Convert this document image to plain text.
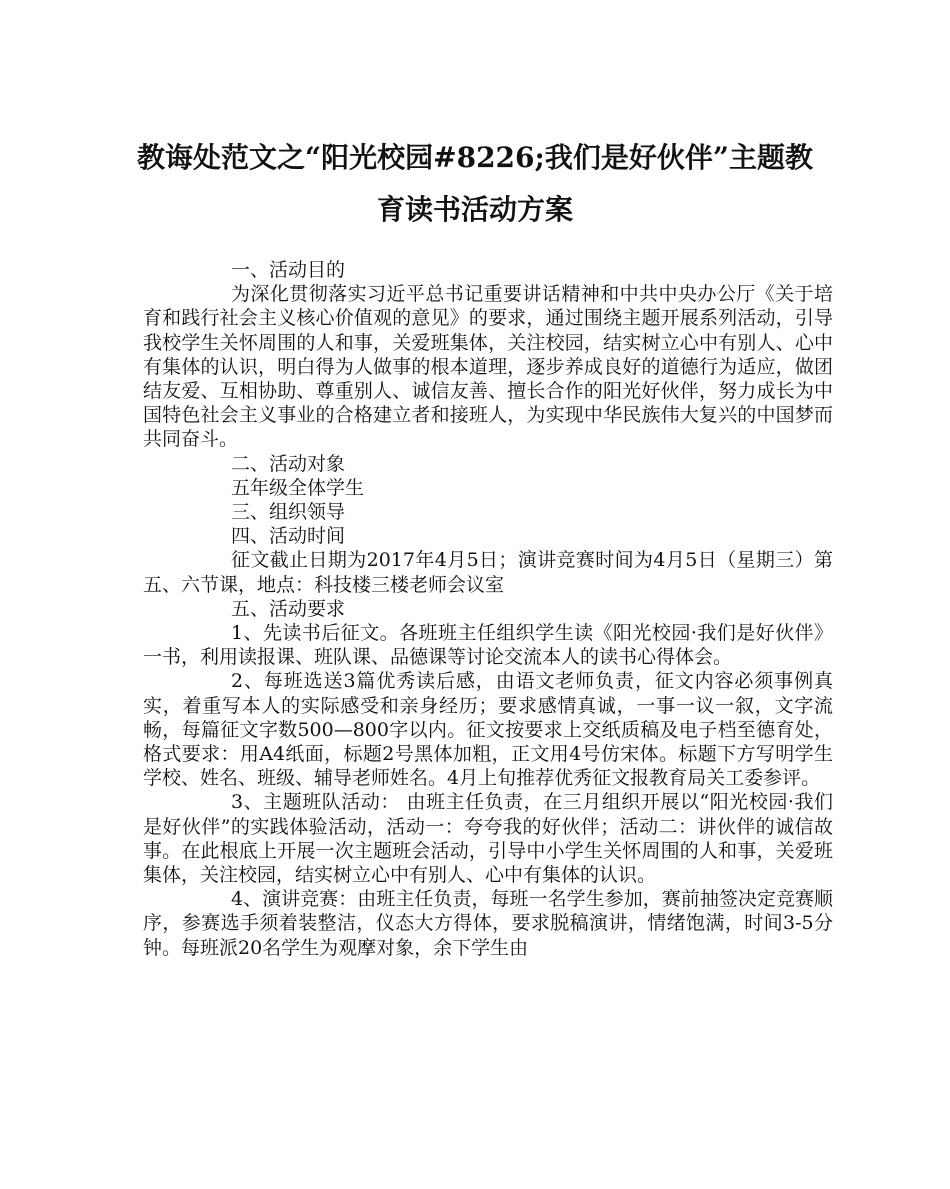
教诲处范文之“阳光校园#8226;我们是好伙伴”主题教
育读书活动方案

一、活动目的

为深化贯彻落实习近平总书记重要讲话精神和中共中央办公厅《关于培育和践行社会主义核心价值观的意见》的要求，通过围绕主题开展系列活动，引导我校学生关怀周围的人和事，关爱班集体，关注校园，结实树立心中有别人、心中有集体的认识，明白得为人做事的根本道理，逐步养成良好的道德行为适应，做团结友爱、互相协助、尊重别人、诚信友善、擅长合作的阳光好伙伴，努力成长为中国特色社会主义事业的合格建立者和接班人，为实现中华民族伟大复兴的中国梦而共同奋斗。

二、活动对象

五年级全体学生

三、组织领导

四、活动时间

征文截止日期为2017年4月5日；演讲竞赛时间为4月5日（星期三）第五、六节课，地点：科技楼三楼老师会议室

五、活动要求

1、先读书后征文。各班班主任组织学生读《阳光校园·我们是好伙伴》一书，利用读报课、班队课、品德课等讨论交流本人的读书心得体会。

2、每班选送3篇优秀读后感，由语文老师负责，征文内容必须事例真实，着重写本人的实际感受和亲身经历；要求感情真诚，一事一议一叙，文字流畅，每篇征文字数500—800字以内。征文按要求上交纸质稿及电子档至德育处，格式要求：用A4纸面，标题2号黑体加粗，正文用4号仿宋体。标题下方写明学生学校、姓名、班级、辅导老师姓名。4月上旬推荐优秀征文报教育局关工委参评。

3、主题班队活动： 由班主任负责，在三月组织开展以“阳光校园·我们是好伙伴”的实践体验活动，活动一：夸夸我的好伙伴；活动二：讲伙伴的诚信故事。在此根底上开展一次主题班会活动，引导中小学生关怀周围的人和事，关爱班集体，关注校园，结实树立心中有别人、心中有集体的认识。

4、演讲竞赛：由班主任负责，每班一名学生参加，赛前抽签决定竞赛顺序，参赛选手须着装整洁，仪态大方得体，要求脱稿演讲，情绪饱满，时间3-5分钟。每班派20名学生为观摩对象，余下学生由
